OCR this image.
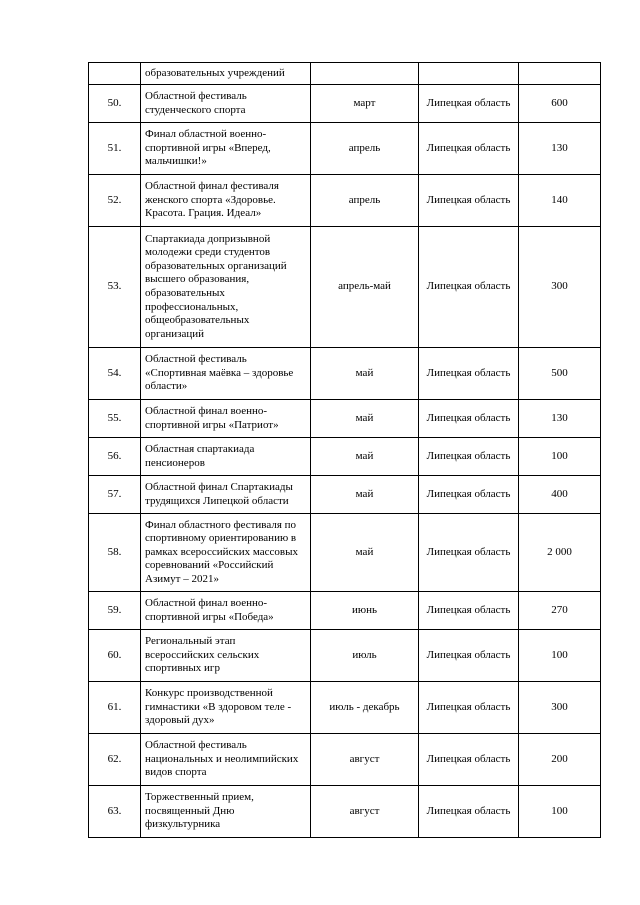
	образовательных учреждений			
50.	Областной фестиваль студенческого спорта	март	Липецкая область	600
51.	Финал областной военно-спортивной игры «Вперед, мальчишки!»	апрель	Липецкая область	130
52.	Областной финал фестиваля женского спорта «Здоровье. Красота. Грация. Идеал»	апрель	Липецкая область	140
53.	Спартакиада допризывной молодежи среди студентов образовательных организаций высшего образования, образовательных профессиональных, общеобразовательных организаций	апрель-май	Липецкая область	300
54.	Областной фестиваль «Спортивная маёвка – здоровье области»	май	Липецкая область	500
55.	Областной финал военно-спортивной игры «Патриот»	май	Липецкая область	130
56.	Областная спартакиада пенсионеров	май	Липецкая область	100
57.	Областной финал Спартакиады трудящихся Липецкой области	май	Липецкая область	400
58.	Финал областного фестиваля по спортивному ориентированию в рамках всероссийских массовых соревнований «Российский Азимут – 2021»	май	Липецкая область	2 000
59.	Областной финал военно-спортивной игры «Победа»	июнь	Липецкая область	270
60.	Региональный этап всероссийских сельских спортивных игр	июль	Липецкая область	100
61.	Конкурс производственной гимнастики «В здоровом теле - здоровый дух»	июль - декабрь	Липецкая область	300
62.	Областной фестиваль национальных и неолимпийских видов спорта	август	Липецкая область	200
63.	Торжественный прием, посвященный Дню физкультурника	август	Липецкая область	100
